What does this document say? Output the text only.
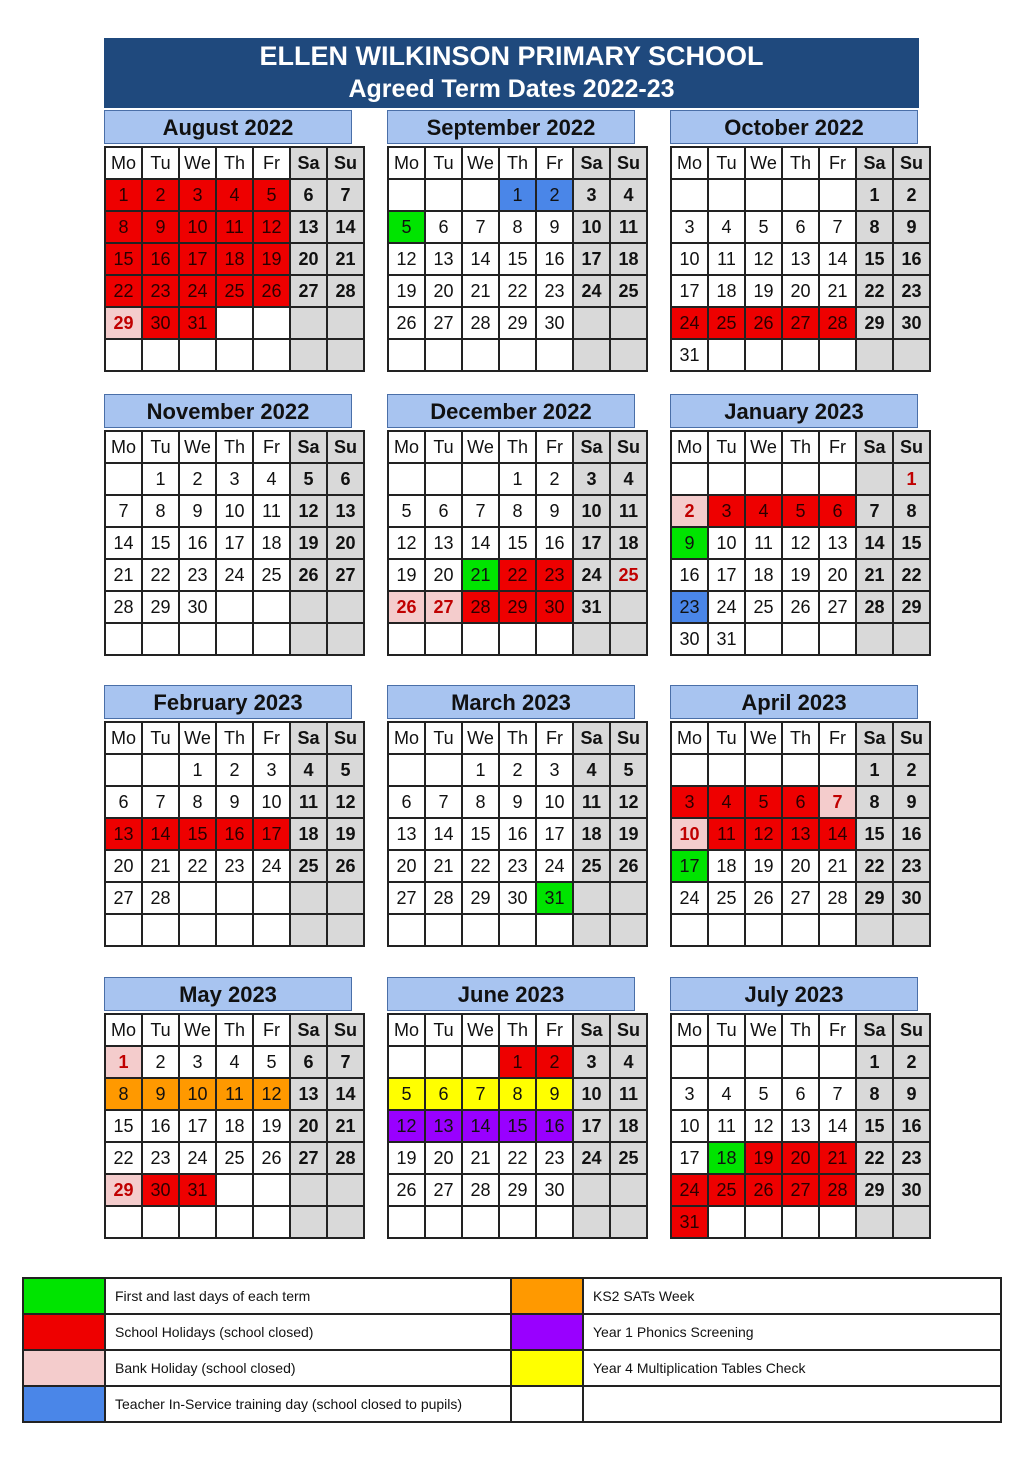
ELLEN WILKINSON PRIMARY SCHOOL
Agreed Term Dates 2022-23
August 2022
Mo	Tu	We	Th	Fr	Sa	Su
1	2	3	4	5	6	7
8	9	10	11	12	13	14
15	16	17	18	19	20	21
22	23	24	25	26	27	28
29	30	31				

September 2022
Mo	Tu	We	Th	Fr	Sa	Su
			1	2	3	4
5	6	7	8	9	10	11
12	13	14	15	16	17	18
19	20	21	22	23	24	25
26	27	28	29	30		

October 2022
Mo	Tu	We	Th	Fr	Sa	Su
					1	2
3	4	5	6	7	8	9
10	11	12	13	14	15	16
17	18	19	20	21	22	23
24	25	26	27	28	29	30
31						
November 2022
Mo	Tu	We	Th	Fr	Sa	Su
	1	2	3	4	5	6
7	8	9	10	11	12	13
14	15	16	17	18	19	20
21	22	23	24	25	26	27
28	29	30				

December 2022
Mo	Tu	We	Th	Fr	Sa	Su
			1	2	3	4
5	6	7	8	9	10	11
12	13	14	15	16	17	18
19	20	21	22	23	24	25
26	27	28	29	30	31	

January 2023
Mo	Tu	We	Th	Fr	Sa	Su
						1
2	3	4	5	6	7	8
9	10	11	12	13	14	15
16	17	18	19	20	21	22
23	24	25	26	27	28	29
30	31					
February 2023
Mo	Tu	We	Th	Fr	Sa	Su
		1	2	3	4	5
6	7	8	9	10	11	12
13	14	15	16	17	18	19
20	21	22	23	24	25	26
27	28					

March 2023
Mo	Tu	We	Th	Fr	Sa	Su
		1	2	3	4	5
6	7	8	9	10	11	12
13	14	15	16	17	18	19
20	21	22	23	24	25	26
27	28	29	30	31		

April 2023
Mo	Tu	We	Th	Fr	Sa	Su
					1	2
3	4	5	6	7	8	9
10	11	12	13	14	15	16
17	18	19	20	21	22	23
24	25	26	27	28	29	30

May 2023
Mo	Tu	We	Th	Fr	Sa	Su
1	2	3	4	5	6	7
8	9	10	11	12	13	14
15	16	17	18	19	20	21
22	23	24	25	26	27	28
29	30	31				

June 2023
Mo	Tu	We	Th	Fr	Sa	Su
			1	2	3	4
5	6	7	8	9	10	11
12	13	14	15	16	17	18
19	20	21	22	23	24	25
26	27	28	29	30		

July 2023
Mo	Tu	We	Th	Fr	Sa	Su
					1	2
3	4	5	6	7	8	9
10	11	12	13	14	15	16
17	18	19	20	21	22	23
24	25	26	27	28	29	30
31						
	First and last days of each term		KS2 SATs Week
	School Holidays (school closed)		Year 1 Phonics Screening
	Bank Holiday (school closed)		Year 4 Multiplication Tables Check
	Teacher In-Service training day (school closed to pupils)		
